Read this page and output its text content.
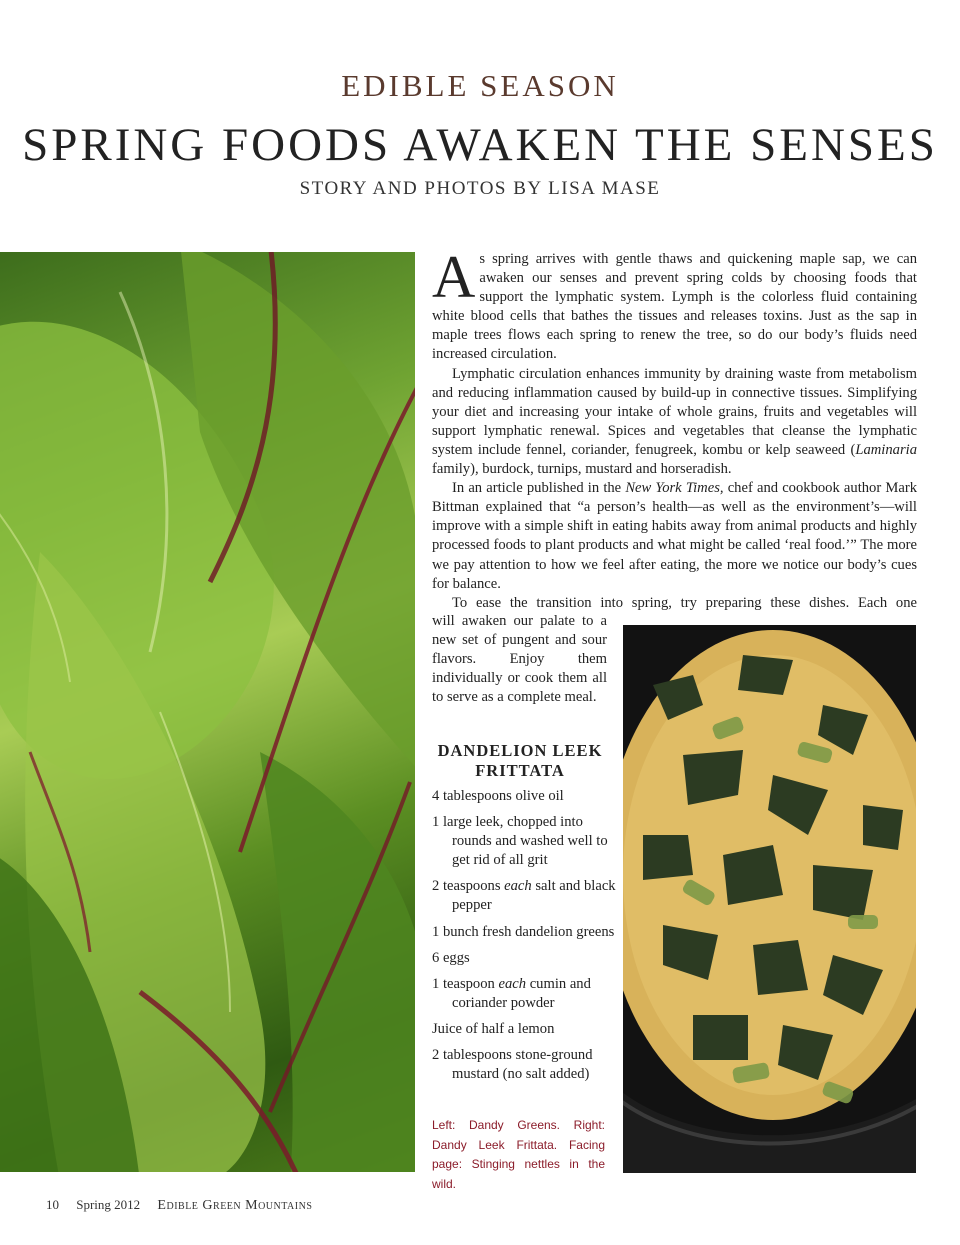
EDIBLE SEASON
SPRING FOODS AWAKEN THE SENSES
STORY AND PHOTOS BY LISA MASE

As spring arrives with gentle thaws and quickening maple sap, we can awaken our senses and prevent spring colds by choosing foods that support the lymphatic system. Lymph is the colorless fluid containing white blood cells that bathes the tissues and releases toxins. Just as the sap in maple trees flows each spring to renew the tree, so do our body’s fluids need increased circulation.

Lymphatic circulation enhances immunity by draining waste from metabolism and reducing inflammation caused by build-up in connective tissues. Simplifying your diet and increasing your intake of whole grains, fruits and vegetables will support lymphatic renewal. Spices and vegetables that cleanse the lymphatic system include fennel, coriander, fenugreek, kombu or kelp seaweed (Laminaria family), burdock, turnips, mustard and horseradish.

In an article published in the New York Times, chef and cookbook author Mark Bittman explained that “a person’s health—as well as the environment’s—will improve with a simple shift in eating habits away from animal products and highly processed foods to plant products and what might be called ‘real food.’” The more we pay attention to how we feel after eating, the more we notice our body’s cues for balance.

To ease the transition into spring, try preparing these dishes. Each one

will awaken our palate to a new set of pungent and sour flavors. Enjoy them individually or cook them all to serve as a complete meal.
DANDELION LEEK FRITTATA
4 tablespoons olive oil
1 large leek, chopped into rounds and washed well to get rid of all grit
2 teaspoons each salt and black pepper
1 bunch fresh dandelion greens
6 eggs
1 teaspoon each cumin and coriander powder
Juice of half a lemon
2 tablespoons stone-ground mustard (no salt added)
Left: Dandy Greens. Right: Dandy Leek Frittata. Facing page: Stinging nettles in the wild.
10 Spring 2012 Edible Green Mountains
